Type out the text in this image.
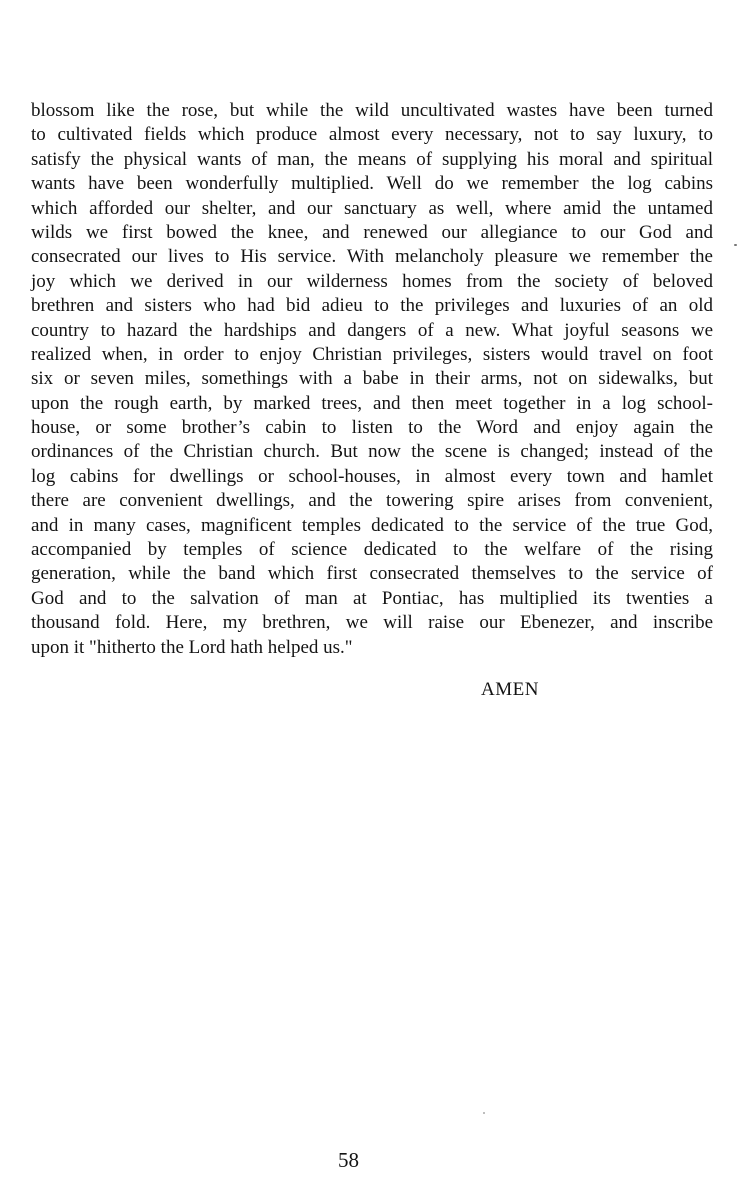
blossom like the rose, but while the wild uncultivated wastes have been turned
to cultivated fields which produce almost every necessary, not to say luxury, to
satisfy the physical wants of man, the means of supplying his moral and spiritual
wants have been wonderfully multiplied. Well do we remember the log cabins
which afforded our shelter, and our sanctuary as well, where amid the untamed
wilds we first bowed the knee, and renewed our allegiance to our God and
consecrated our lives to His service. With melancholy pleasure we remember the
joy which we derived in our wilderness homes from the society of beloved
brethren and sisters who had bid adieu to the privileges and luxuries of an old
country to hazard the hardships and dangers of a new. What joyful seasons we
realized when, in order to enjoy Christian privileges, sisters would travel on foot
six or seven miles, somethings with a babe in their arms, not on sidewalks, but
upon the rough earth, by marked trees, and then meet together in a log school-
house, or some brother’s cabin to listen to the Word and enjoy again the
ordinances of the Christian church. But now the scene is changed; instead of the
log cabins for dwellings or school-houses, in almost every town and hamlet
there are convenient dwellings, and the towering spire arises from convenient,
and in many cases, magnificent temples dedicated to the service of the true God,
accompanied by temples of science dedicated to the welfare of the rising
generation, while the band which first consecrated themselves to the service of
God and to the salvation of man at Pontiac, has multiplied its twenties a
thousand fold. Here, my brethren, we will raise our Ebenezer, and inscribe
upon it "hitherto the Lord hath helped us."
AMEN
58
